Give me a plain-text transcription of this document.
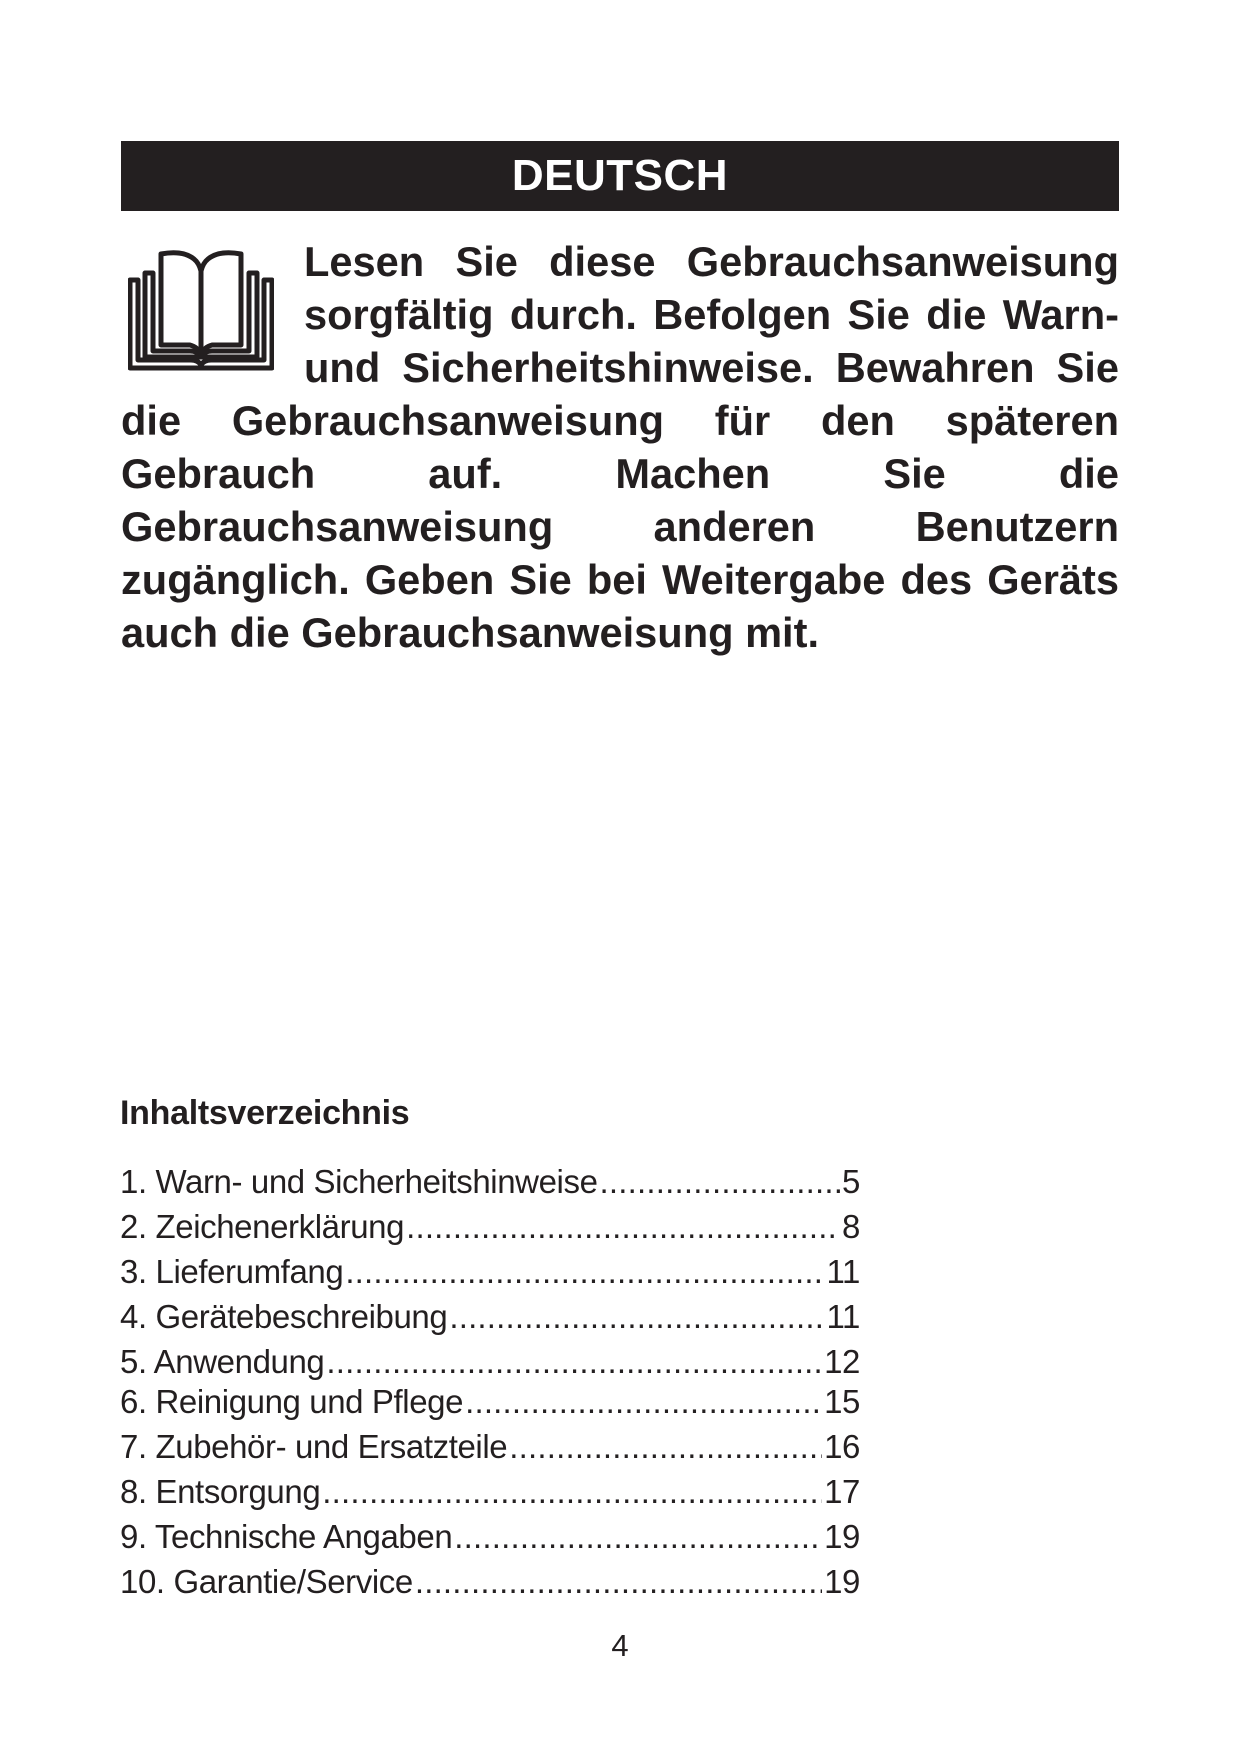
DEUTSCH

Lesen Sie diese Gebrauchsanweisung sorgfältig durch. Befolgen Sie die Warn- und Sicherheitshinweise. Bewahren Sie die Gebrauchsanweisung für den späteren Gebrauch auf. Machen Sie die Gebrauchsanweisung anderen Benutzern zugänglich. Geben Sie bei Weitergabe des Geräts auch die Gebrauchsanweisung mit.

Inhaltsverzeichnis
1. Warn- und Sicherheitshinweise .....	5
2. Zeichenerklärung .....	8
3. Lieferumfang .....	11
4. Gerätebeschreibung .....	11
5. Anwendung .....	12
6. Reinigung und Pflege .....	15
7. Zubehör- und Ersatzteile .....	16
8. Entsorgung .....	17
9. Technische Angaben .....	19
10. Garantie/Service .....	19
4
